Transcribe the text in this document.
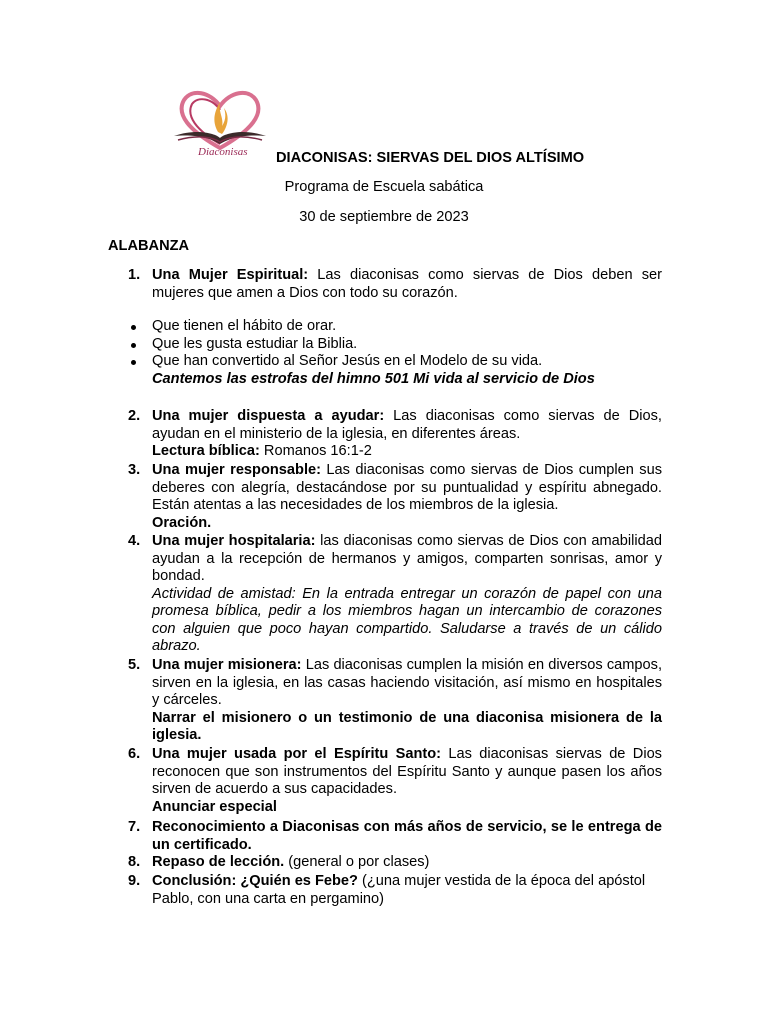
Diaconisas DIACONISAS: SIERVAS DEL DIOS ALTÍSIMO
Programa de Escuela sabática
30 de septiembre de 2023
ALABANZA
1. Una Mujer Espiritual: Las diaconisas como siervas de Dios deben ser mujeres que amen a Dios con todo su corazón.
Que tienen el hábito de orar.
Que les gusta estudiar la Biblia.
Que han convertido al Señor Jesús en el Modelo de su vida.
Cantemos las estrofas del himno 501 Mi vida al servicio de Dios
2. Una mujer dispuesta a ayudar: Las diaconisas como siervas de Dios, ayudan en el ministerio de la iglesia, en diferentes áreas.
Lectura bíblica: Romanos 16:1-2
3. Una mujer responsable: Las diaconisas como siervas de Dios cumplen sus deberes con alegría, destacándose por su puntualidad y espíritu abnegado. Están atentas a las necesidades de los miembros de la iglesia.
Oración.
4. Una mujer hospitalaria: las diaconisas como siervas de Dios con amabilidad ayudan a la recepción de hermanos y amigos, comparten sonrisas, amor y bondad.
Actividad de amistad: En la entrada entregar un corazón de papel con una promesa bíblica, pedir a los miembros hagan un intercambio de corazones con alguien que poco hayan compartido. Saludarse a través de un cálido abrazo.
5. Una mujer misionera: Las diaconisas cumplen la misión en diversos campos, sirven en la iglesia, en las casas haciendo visitación, así mismo en hospitales y cárceles.
Narrar el misionero o un testimonio de una diaconisa misionera de la iglesia.
6. Una mujer usada por el Espíritu Santo: Las diaconisas siervas de Dios reconocen que son instrumentos del Espíritu Santo y aunque pasen los años sirven de acuerdo a sus capacidades.
Anunciar especial
7. Reconocimiento a Diaconisas con más años de servicio, se le entrega de un certificado.
8. Repaso de lección. (general o por clases)
9. Conclusión: ¿Quién es Febe? (¿una mujer vestida de la época del apóstol Pablo, con una carta en pergamino)
